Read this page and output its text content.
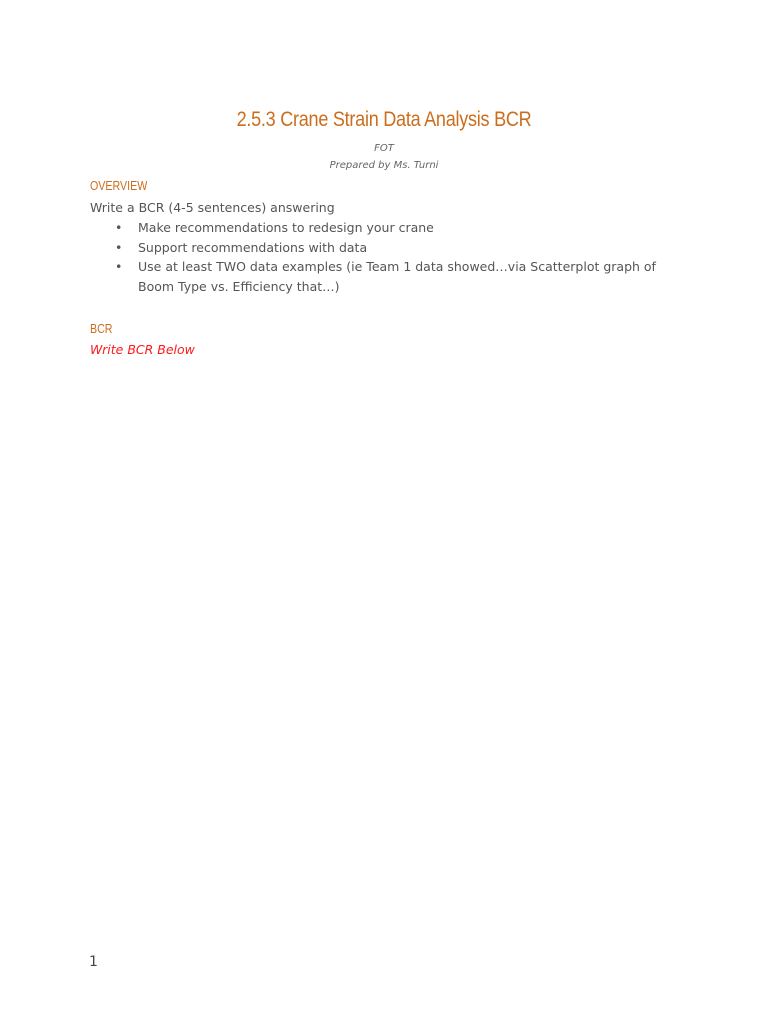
2.5.3 Crane Strain Data Analysis BCR
FOT
Prepared by Ms. Turni
OVERVIEW
Write a BCR (4-5 sentences) answering
• Make recommendations to redesign your crane
• Support recommendations with data
• Use at least TWO data examples (ie Team 1 data showed…via Scatterplot graph of Boom Type vs. Efficiency that…)
BCR
Write BCR Below
1
